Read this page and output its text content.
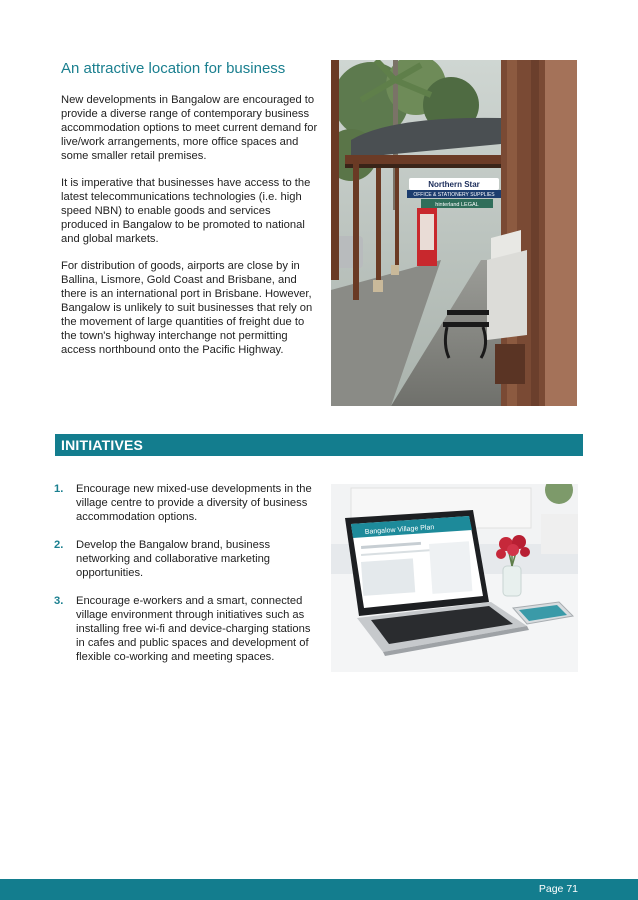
An attractive location for business

New developments in Bangalow are encouraged to provide a diverse range of contemporary business accommodation options to meet current demand for live/work arrangements, more office spaces and some smaller retail premises.

It is imperative that businesses have access to the latest telecommunications technologies (i.e. high speed NBN) to enable goods and services produced in Bangalow to be promoted to national and global markets.

For distribution of goods, airports are close by in Ballina, Lismore, Gold Coast and Brisbane, and there is an international port in Brisbane. However, Bangalow is unlikely to suit businesses that rely on the movement of large quantities of freight due to the town's highway interchange not permitting access northbound onto the Pacific Highway.

Northern Star
OFFICE & STATIONERY SUPPLIES
hinterland LEGAL
INITIATIVES
1. Encourage new mixed-use developments in the village centre to provide a diversity of business accommodation options.
2. Develop the Bangalow brand, business networking and collaborative marketing opportunities.
3. Encourage e-workers and a smart, connected village environment through initiatives such as installing free wi-fi and device-charging stations in cafes and public spaces and development of flexible co-working and meeting spaces.
Bangalow Village Plan
Page 71
